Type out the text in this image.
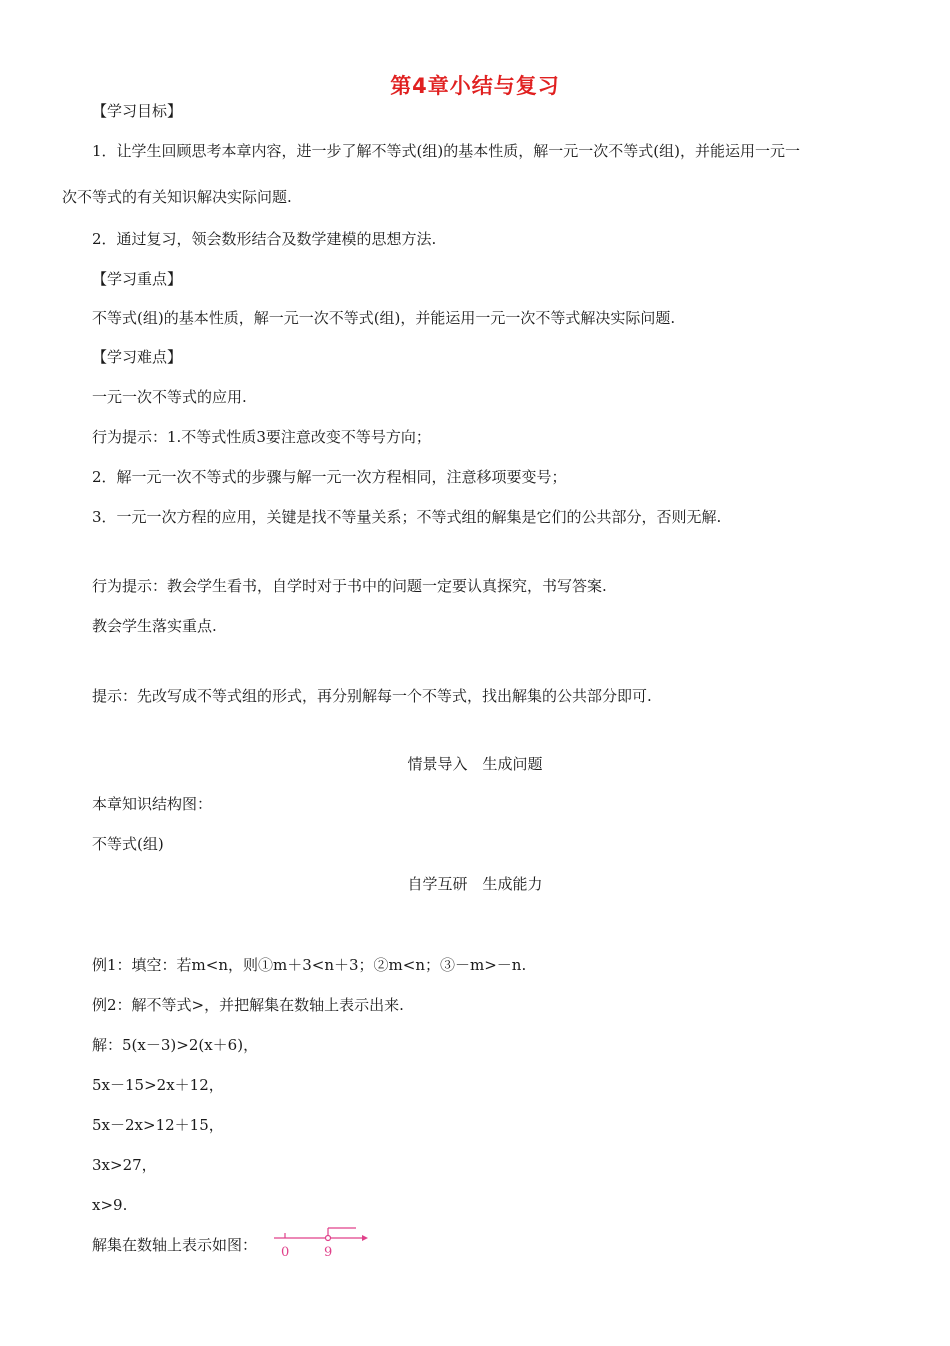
第4章小结与复习
【学习目标】
1．让学生回顾思考本章内容，进一步了解不等式(组)的基本性质，解一元一次不等式(组)，并能运用一元一
次不等式的有关知识解决实际问题.
2．通过复习，领会数形结合及数学建模的思想方法.
【学习重点】
不等式(组)的基本性质，解一元一次不等式(组)，并能运用一元一次不等式解决实际问题.
【学习难点】
一元一次不等式的应用.
行为提示：1.不等式性质3要注意改变不等号方向；
2．解一元一次不等式的步骤与解一元一次方程相同，注意移项要变号；
3．一元一次方程的应用，关键是找不等量关系；不等式组的解集是它们的公共部分，否则无解.
行为提示：教会学生看书，自学时对于书中的问题一定要认真探究，书写答案.
教会学生落实重点.
提示：先改写成不等式组的形式，再分别解每一个不等式，找出解集的公共部分即可.
情景导入　生成问题
本章知识结构图：
不等式(组)
自学互研　生成能力
例1：填空：若m<n，则①m＋3<n＋3；②m<n；③－m>－n.
例2：解不等式>，并把解集在数轴上表示出来.
解：5(x－3)>2(x＋6)，
5x－15>2x＋12，
5x－2x>12＋15，
3x>27，
x>9.
解集在数轴上表示如图： 0	9
